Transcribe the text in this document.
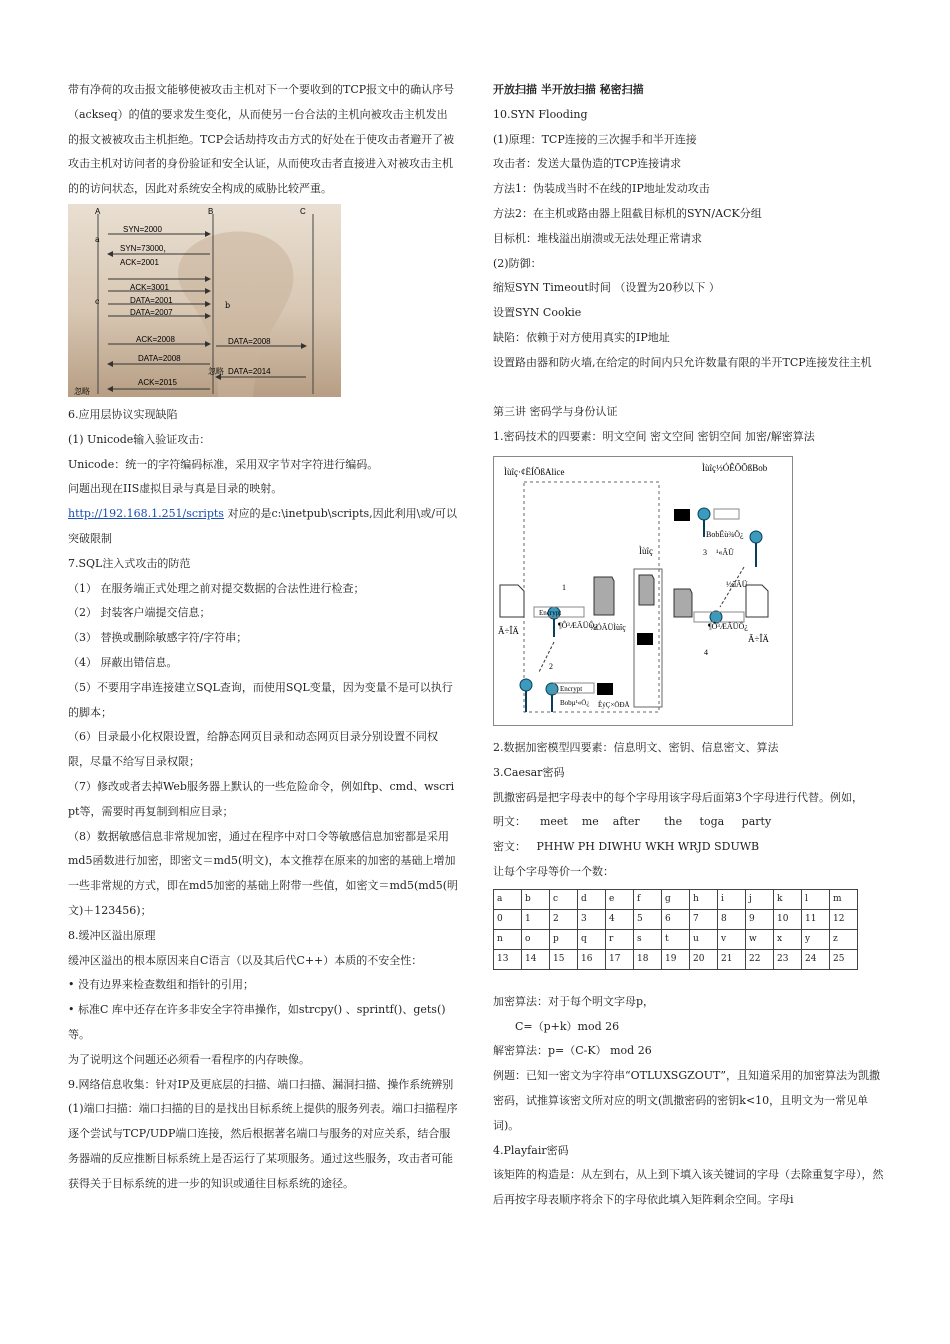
带有净荷的攻击报文能够使被攻击主机对下一个要收到的TCP报文中的确认序号（ackseq）的值的要求发生变化，从而使另一台合法的主机向被攻击主机发出的报文被被攻击主机拒绝。TCP会话劫持攻击方式的好处在于使攻击者避开了被攻击主机对访问者的身份验证和安全认证，从而使攻击者直接进入对被攻击主机的的访问状态，因此对系统安全构成的威胁比较严重。

A	B	C
a
c	b
SYN=2000
SYN=73000，
ACK=2001
ACK=3001
DATA=2001
DATA=2007
ACK=2008	DATA=2008
DATA=2008
DATA=2014
忽略
ACK=2015
忽略

6.应用层协议实现缺陷

(1) Unicode输入验证攻击：

Unicode：统一的字符编码标准，采用双字节对字符进行编码。

问题出现在IIS虚拟目录与真是目录的映射。

http://192.168.1.251/scripts 对应的是c:\inetpub\scripts,因此利用\或/可以突破限制

7.SQL注入式攻击的防范

（1） 在服务端正式处理之前对提交数据的合法性进行检查；

（2） 封装客户端提交信息；

（3） 替换或删除敏感字符/字符串；

（4） 屏蔽出错信息。

（5）不要用字串连接建立SQL查询，而使用SQL变量，因为变量不是可以执行的脚本；

（6）目录最小化权限设置，给静态网页目录和动态网页目录分别设置不同权限，尽量不给写目录权限；

（7）修改或者去掉Web服务器上默认的一些危险命令，例如ftp、cmd、wscript等，需要时再复制到相应目录；

（8）数据敏感信息非常规加密，通过在程序中对口令等敏感信息加密都是采用md5函数进行加密，即密文＝md5(明文)，本文推荐在原来的加密的基础上增加一些非常规的方式，即在md5加密的基础上附带一些值，如密文＝md5(md5(明文)＋123456)；

8.缓冲区溢出原理

缓冲区溢出的根本原因来自C语言（以及其后代C++）本质的不安全性：

• 没有边界来检查数组和指针的引用；

• 标准C 库中还存在许多非安全字符串操作，如strcpy() 、sprintf()、gets() 等。

为了说明这个问题还必须看一看程序的内存映像。

9.网络信息收集：针对IP及更底层的扫描、端口扫描、漏洞扫描、操作系统辨别

(1)端口扫描：端口扫描的目的是找出目标系统上提供的服务列表。端口扫描程序逐个尝试与TCP/UDP端口连接，然后根据著名端口与服务的对应关系，结合服务器端的反应推断目标系统上是否运行了某项服务。通过这些服务，攻击者可能获得关于目标系统的进一步的知识或通往目标系统的途径。

开放扫描 半开放扫描 秘密扫描

10.SYN Flooding

(1)原理：TCP连接的三次握手和半开连接

攻击者：发送大量伪造的TCP连接请求

方法1：伪装成当时不在线的IP地址发动攻击

方法2：在主机或路由器上阻截目标机的SYN/ACK分组

目标机：堆栈溢出崩溃或无法处理正常请求

(2)防御：

缩短SYN Timeout时间 （设置为20秒以下 ）

设置SYN Cookie

缺陷：依赖于对方使用真实的IP地址

设置路由器和防火墙,在给定的时间内只允许数量有限的半开TCP连接发往主机

第三讲 密码学与身份认证

1.密码技术的四要素：明文空间 密文空间 密钥空间 加密/解密算法

Ìùîç·¢ËÍÕßAlice	Ìùîç½ÓÊÕÕßBob
Ìùîç
Ã÷ÎÄ	¼ÓÃÜÌùîç
Ã÷ÎÄ
Encrypt
Encrypt
BobËù¾Ö¿
3 ¹«ÃÜ
1
¶Ô³ÆÃÜÔ¿
2
Bobµ¹«Ö¿ ÊýÇ×ÖÐÅ
½ûÃÜ
¶Ô³ÆÃÜÔ¿
4

2.数据加密模型四要素：信息明文、密钥、信息密文、算法

3.Caesar密码

凯撒密码是把字母表中的每个字母用该字母后面第3个字母进行代替。例如，

明文：    meet    me    after       the     toga     party

密文：   PHHW PH DIWHU WKH WRJD SDUWB

让每个字母等价一个数：

a	b	c	d	e	f	g	h	i	j	k	l	m
0	1	2	3	4	5	6	7	8	9	10	11	12
n	o	p	q	r	s	t	u	v	w	x	y	z
13	14	15	16	17	18	19	20	21	22	23	24	25

加密算法：对于每个明文字母p，

C=（p+k）mod 26

解密算法：p=（C-K） mod 26

例题：已知一密文为字符串“OTLUXSGZOUT”，且知道采用的加密算法为凯撒密码，试推算该密文所对应的明文(凯撒密码的密钥k<10，且明文为一常见单词)。

4.Playfair密码

该矩阵的构造是：从左到右，从上到下填入该关键词的字母（去除重复字母），然后再按字母表顺序将余下的字母依此填入矩阵剩余空间。字母i
